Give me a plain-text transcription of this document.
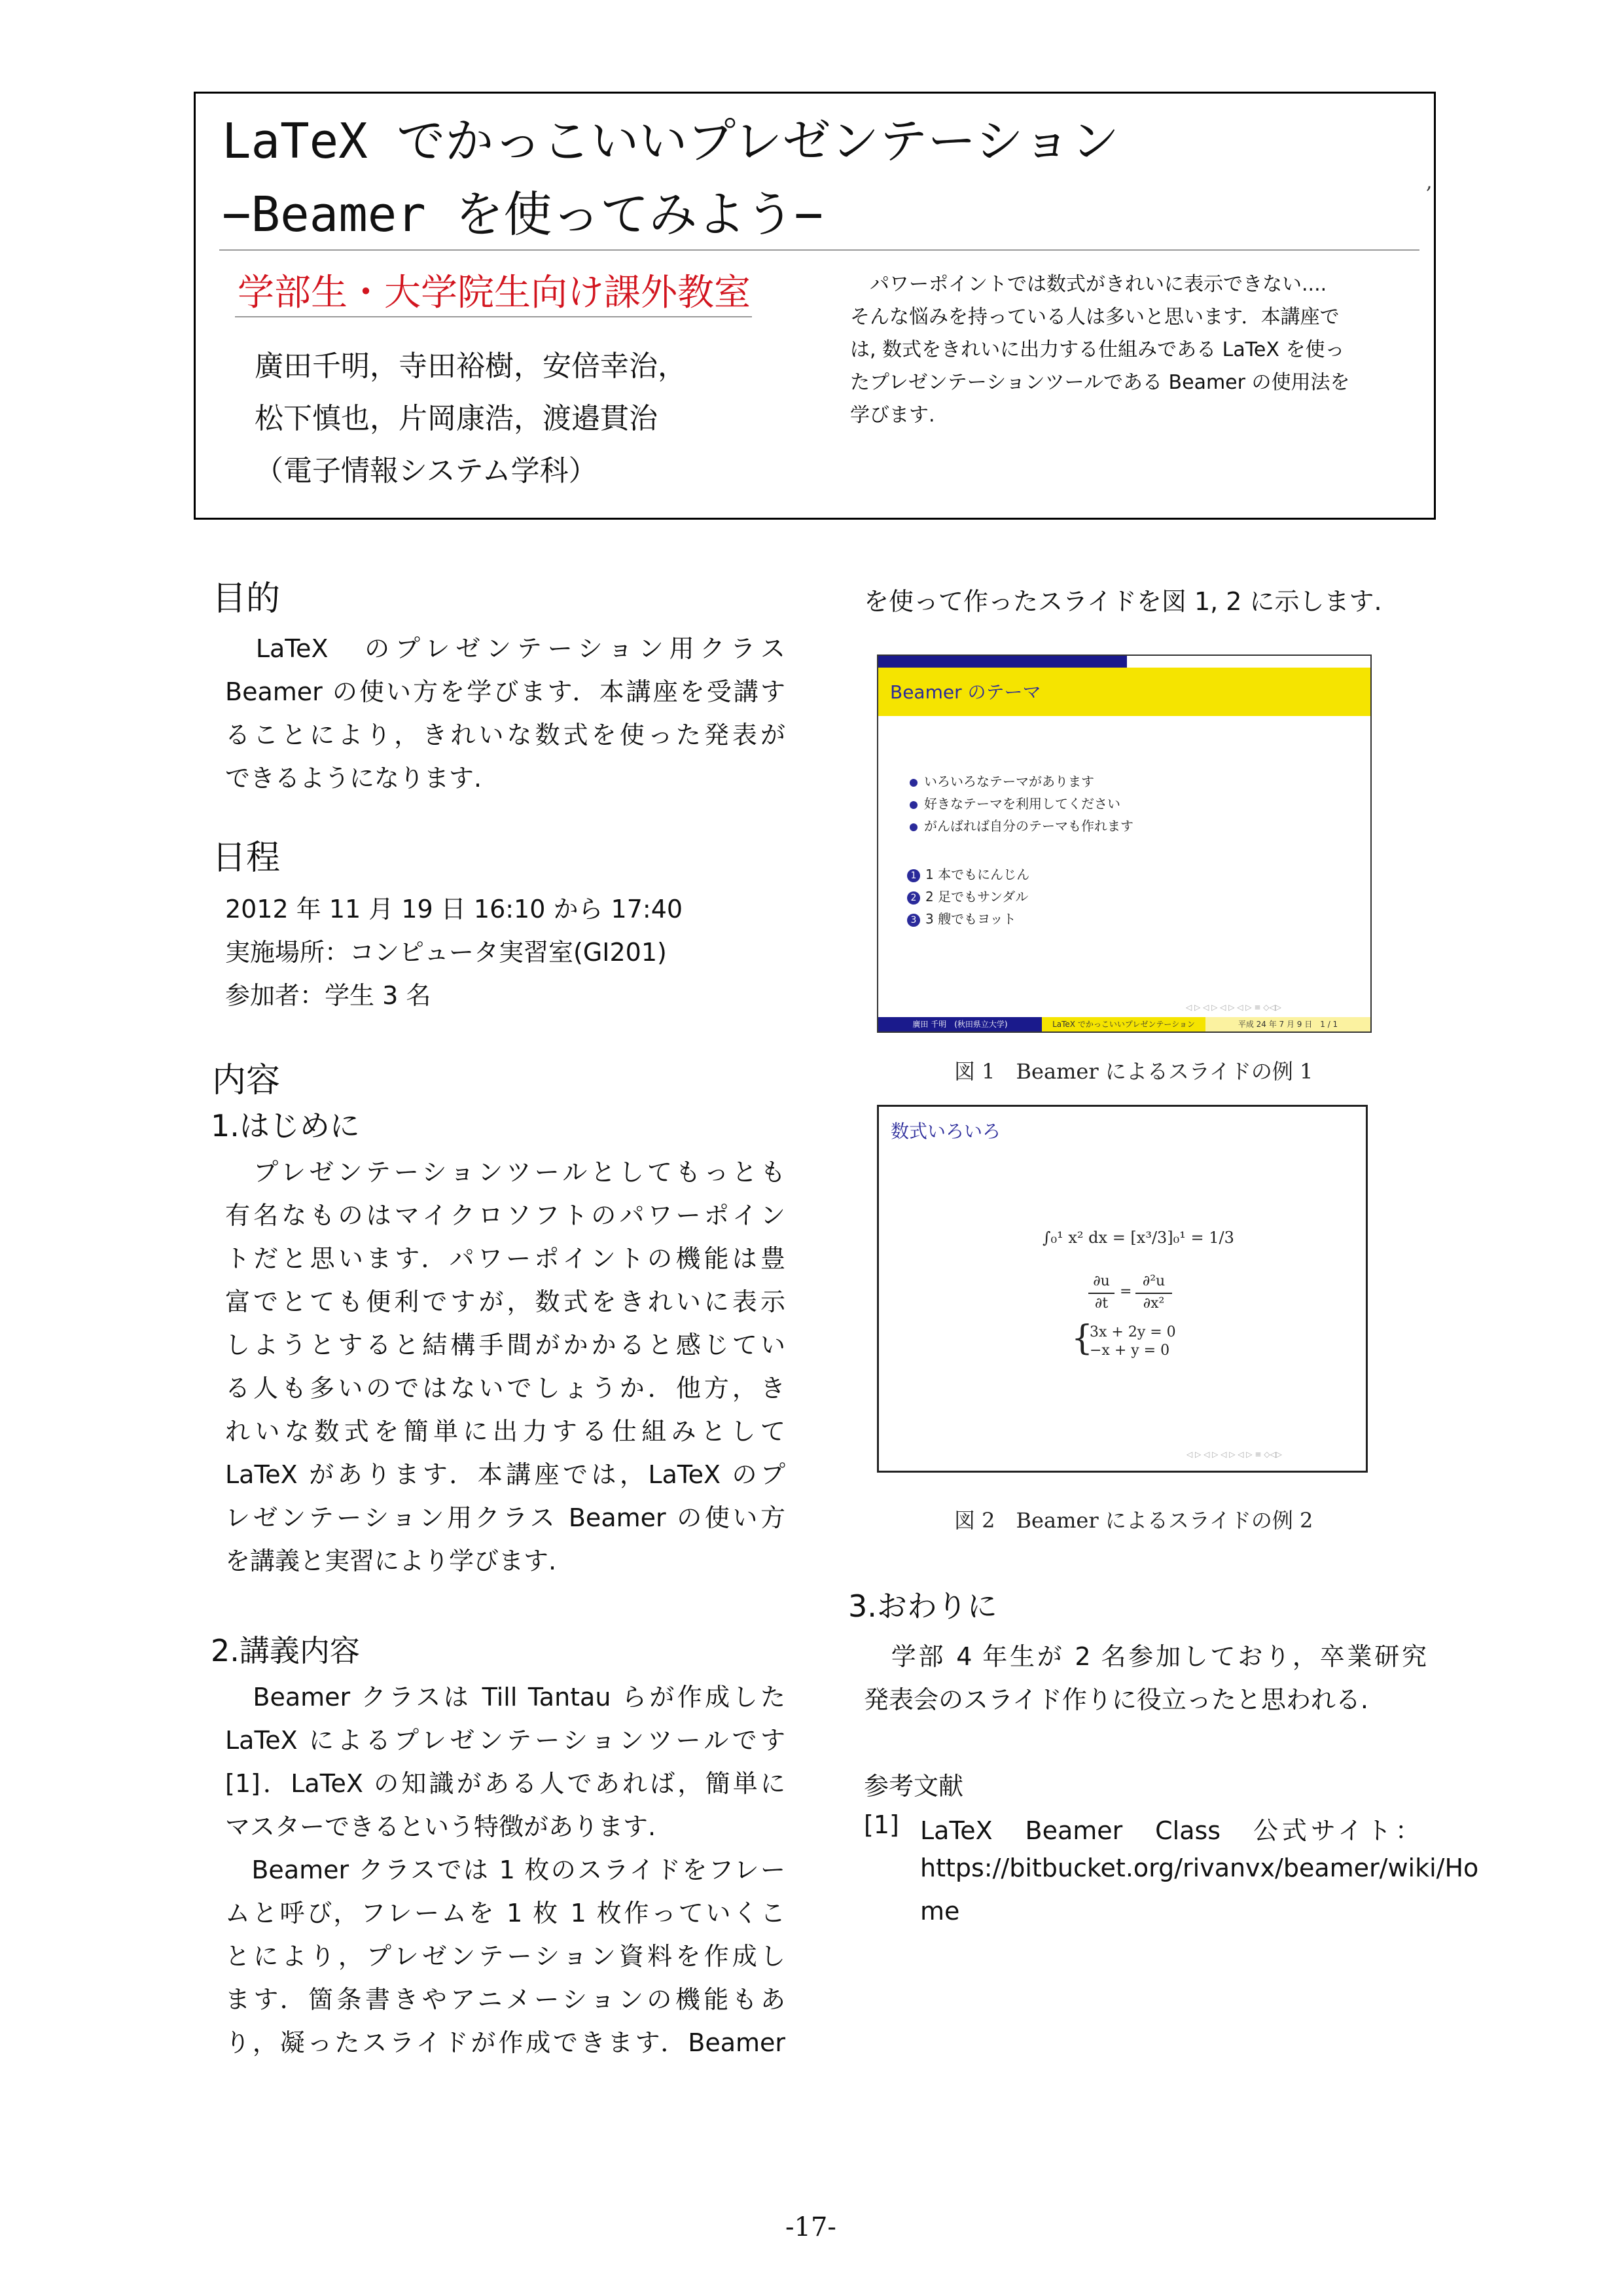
LaTeX でかっこいいプレゼンテーション
−Beamer を使ってみよう−
,
学部生・大学院生向け課外教室
廣田千明，寺田裕樹，安倍幸治，
松下慎也，片岡康浩，渡邉貫治
（電子情報システム学科）
　パワーポイントでは数式がきれいに表示できない....
そんな悩みを持っている人は多いと思います．本講座で
は, 数式をきれいに出力する仕組みである LaTeX を使っ
たプレゼンテーションツールである Beamer の使用法を
学びます.
目的
　LaTeX　のプレゼンテーション用クラス
Beamer の使い方を学びます．本講座を受講す
ることにより，きれいな数式を使った発表が
できるようになります.
日程
2012 年 11 月 19 日 16:10 から 17:40
実施場所：コンピュータ実習室(GI201)
参加者：学生 3 名
内容
1.はじめに
　プレゼンテーションツールとしてもっとも
有名なものはマイクロソフトのパワーポイン
トだと思います．パワーポイントの機能は豊
富でとても便利ですが，数式をきれいに表示
しようとすると結構手間がかかると感じてい
る人も多いのではないでしょうか．他方，き
れいな数式を簡単に出力する仕組みとして
LaTeX があります．本講座では，LaTeX のプ
レゼンテーション用クラス Beamer の使い方
を講義と実習により学びます.
2.講義内容
　Beamer クラスは Till Tantau らが作成した
LaTeX によるプレゼンテーションツールです
[1]．LaTeX の知識がある人であれば，簡単に
マスターできるという特徴があります.
　Beamer クラスでは 1 枚のスライドをフレー
ムと呼び，フレームを 1 枚 1 枚作っていくこ
とにより，プレゼンテーション資料を作成し
ます．箇条書きやアニメーションの機能もあ
り，凝ったスライドが作成できます．Beamer
を使って作ったスライドを図 1, 2 に示します.
Beamer のテーマ
いろいろなテーマがあります
好きなテーマを利用してください
がんばれば自分のテーマも作れます
1 1 本でもにんじん
2 2 足でもサンダル
3 3 艘でもヨット
◁ ▷ ◁ ▷ ◁ ▷ ◁ ▷ ≡ ◇◁▷
廣田 千明　(秋田県立大学)	LaTeX でかっこいいプレゼンテーション	平成 24 年 7 月 9 日　1 / 1
図 1　Beamer によるスライドの例 1
数式いろいろ
∫₀¹ x² dx = [x³/3]₀¹ = 1/3
∂u
∂t
=
∂²u
∂x²
{
3x + 2y = 0
−x + y = 0
◁ ▷ ◁ ▷ ◁ ▷ ◁ ▷ ≡ ◇◁▷
図 2　Beamer によるスライドの例 2
3.おわりに
　学部 4 年生が 2 名参加しており，卒業研究
発表会のスライド作りに役立ったと思われる.
参考文献
[1] LaTeX　Beamer　Class　公式サイト：
https://bitbucket.org/rivanvx/beamer/wiki/Ho
me
-17-
